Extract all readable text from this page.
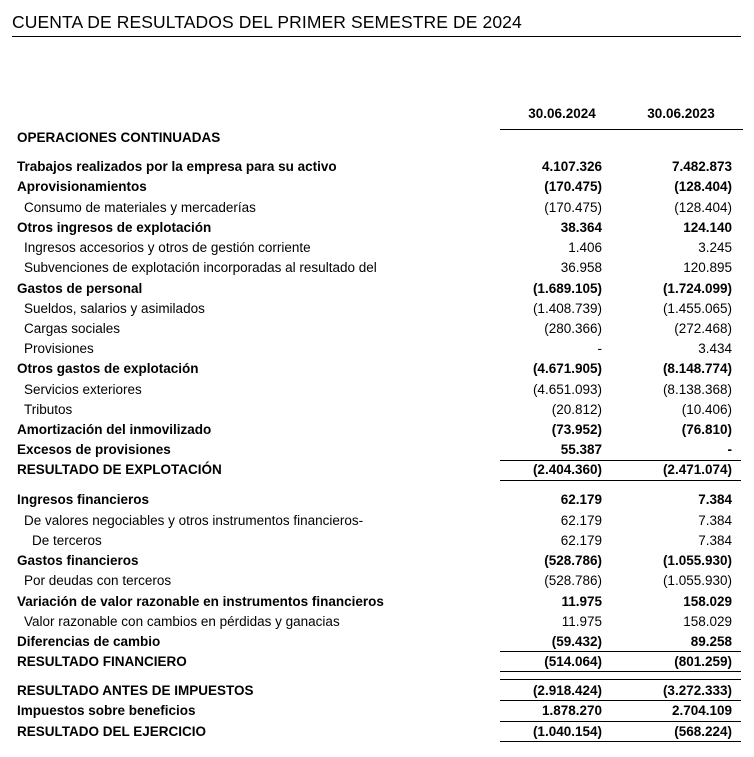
CUENTA DE RESULTADOS DEL PRIMER SEMESTRE DE 2024
30.06.2024	30.06.2023
OPERACIONES CONTINUADAS
Trabajos realizados por la empresa para su activo	4.107.326	7.482.873
Aprovisionamientos	(170.475)	(128.404)
Consumo de materiales y mercaderías	(170.475)	(128.404)
Otros ingresos de explotación	38.364	124.140
Ingresos accesorios y otros de gestión corriente	1.406	3.245
Subvenciones de explotación incorporadas al resultado del	36.958	120.895
Gastos de personal	(1.689.105)	(1.724.099)
Sueldos, salarios y asimilados	(1.408.739)	(1.455.065)
Cargas sociales	(280.366)	(272.468)
Provisiones	-	3.434
Otros gastos de explotación	(4.671.905)	(8.148.774)
Servicios exteriores	(4.651.093)	(8.138.368)
Tributos	(20.812)	(10.406)
Amortización del inmovilizado	(73.952)	(76.810)
Excesos de provisiones	55.387	-
RESULTADO DE EXPLOTACIÓN	(2.404.360)	(2.471.074)
Ingresos financieros	62.179	7.384
De valores negociables y otros instrumentos financieros-	62.179	7.384
De terceros	62.179	7.384
Gastos financieros	(528.786)	(1.055.930)
Por deudas con terceros	(528.786)	(1.055.930)
Variación de valor razonable en instrumentos financieros	11.975	158.029
Valor razonable con cambios en pérdidas y ganacias	11.975	158.029
Diferencias de cambio	(59.432)	89.258
RESULTADO FINANCIERO	(514.064)	(801.259)
RESULTADO ANTES DE IMPUESTOS	(2.918.424)	(3.272.333)
Impuestos sobre beneficios	1.878.270	2.704.109
RESULTADO DEL EJERCICIO	(1.040.154)	(568.224)
